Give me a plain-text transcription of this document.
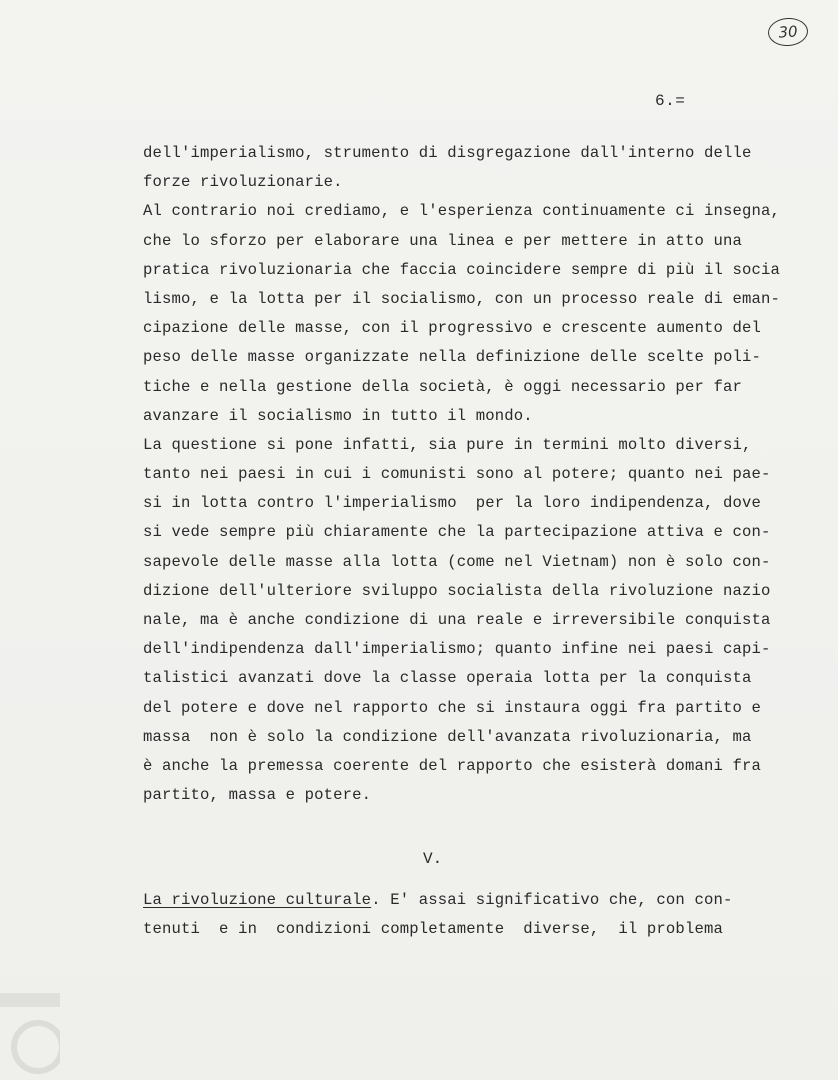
30
6.=
dell'imperialismo, strumento di disgregazione dall'interno delle
forze rivoluzionarie.
Al contrario noi crediamo, e l'esperienza continuamente ci insegna,
che lo sforzo per elaborare una linea e per mettere in atto una
pratica rivoluzionaria che faccia coincidere sempre di più il socia
lismo, e la lotta per il socialismo, con un processo reale di eman-
cipazione delle masse, con il progressivo e crescente aumento del
peso delle masse organizzate nella definizione delle scelte poli-
tiche e nella gestione della società, è oggi necessario per far
avanzare il socialismo in tutto il mondo.
La questione si pone infatti, sia pure in termini molto diversi,
tanto nei paesi in cui i comunisti sono al potere; quanto nei pae-
si in lotta contro l'imperialismo  per la loro indipendenza, dove
si vede sempre più chiaramente che la partecipazione attiva e con-
sapevole delle masse alla lotta (come nel Vietnam) non è solo con-
dizione dell'ulteriore sviluppo socialista della rivoluzione nazio
nale, ma è anche condizione di una reale e irreversibile conquista
dell'indipendenza dall'imperialismo; quanto infine nei paesi capi-
talistici avanzati dove la classe operaia lotta per la conquista
del potere e dove nel rapporto che si instaura oggi fra partito e
massa  non è solo la condizione dell'avanzata rivoluzionaria, ma
è anche la premessa coerente del rapporto che esisterà domani fra
partito, massa e potere.
V.
La rivoluzione culturale. E' assai significativo che, con con-
tenuti  e in  condizioni completamente  diverse,  il problema
